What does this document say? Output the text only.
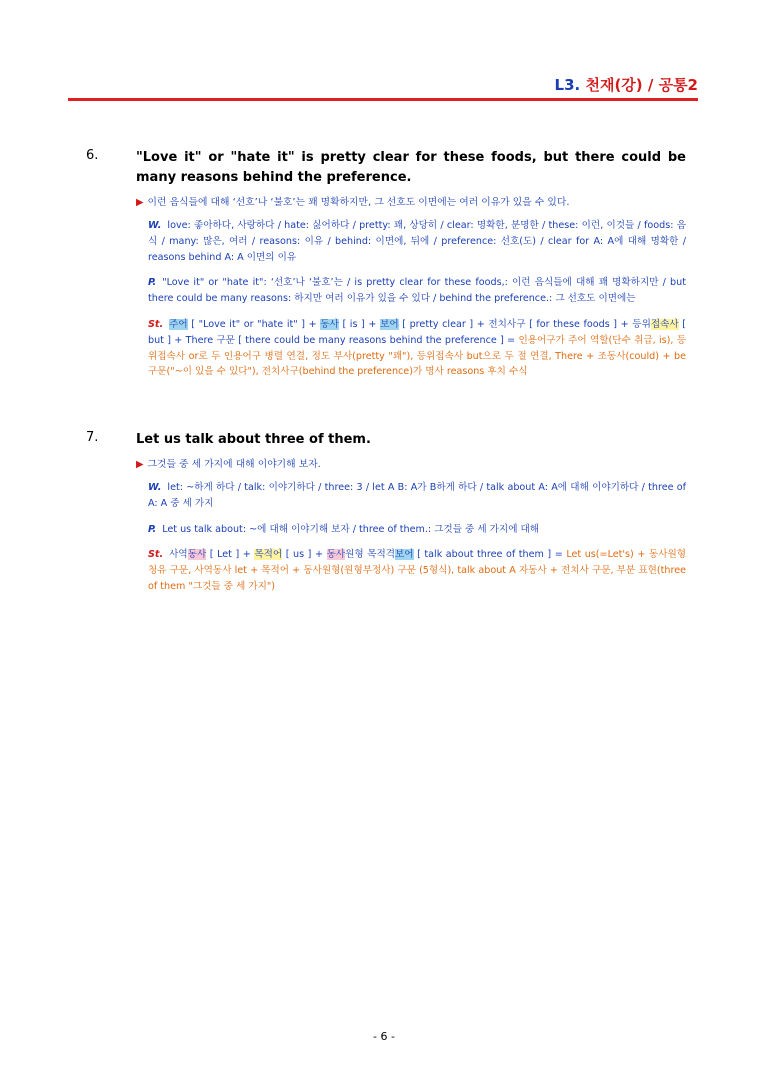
L3. 천재(강) / 공통2
6.	"Love it" or "hate it" is pretty clear for these foods, but there could be many reasons behind the preference.
▶ 이런 음식들에 대해 ‘선호’나 ‘불호’는 꽤 명확하지만, 그 선호도 이면에는 여러 이유가 있을 수 있다.
W. love: 좋아하다, 사랑하다 / hate: 싫어하다 / pretty: 꽤, 상당히 / clear: 명확한, 분명한 / these: 이런, 이것들 / foods: 음식 / many: 많은, 여러 / reasons: 이유 / behind: 이면에, 뒤에 / preference: 선호(도) / clear for A: A에 대해 명확한 / reasons behind A: A 이면의 이유
P. "Love it" or "hate it": ‘선호’나 ‘불호’는 / is pretty clear for these foods,: 이런 음식들에 대해 꽤 명확하지만 / but there could be many reasons: 하지만 여러 이유가 있을 수 있다 / behind the preference.: 그 선호도 이면에는
St. 주어 [ "Love it" or "hate it" ] + 동사 [ is ] + 보어 [ pretty clear ] + 전치사구 [ for these foods ] + 등위접속사 [ but ] + There 구문 [ there could be many reasons behind the preference ] = 인용어구가 주어 역할(단수 취급, is), 등위접속사 or로 두 인용어구 병렬 연결, 정도 부사(pretty "꽤"), 등위접속사 but으로 두 절 연결, There + 조동사(could) + be 구문("~이 있을 수 있다"), 전치사구(behind the preference)가 명사 reasons 후치 수식
7.	Let us talk about three of them.
▶ 그것들 중 세 가지에 대해 이야기해 보자.
W. let: ~하게 하다 / talk: 이야기하다 / three: 3 / let A B: A가 B하게 하다 / talk about A: A에 대해 이야기하다 / three of A: A 중 세 가지
P. Let us talk about: ~에 대해 이야기해 보자 / three of them.: 그것들 중 세 가지에 대해
St. 사역동사 [ Let ] + 목적어 [ us ] + 동사원형 목적격보어 [ talk about three of them ] = Let us(=Let's) + 동사원형 청유 구문, 사역동사 let + 목적어 + 동사원형(원형부정사) 구문 (5형식), talk about A 자동사 + 전치사 구문, 부분 표현(three of them "그것들 중 세 가지")
- 6 -
